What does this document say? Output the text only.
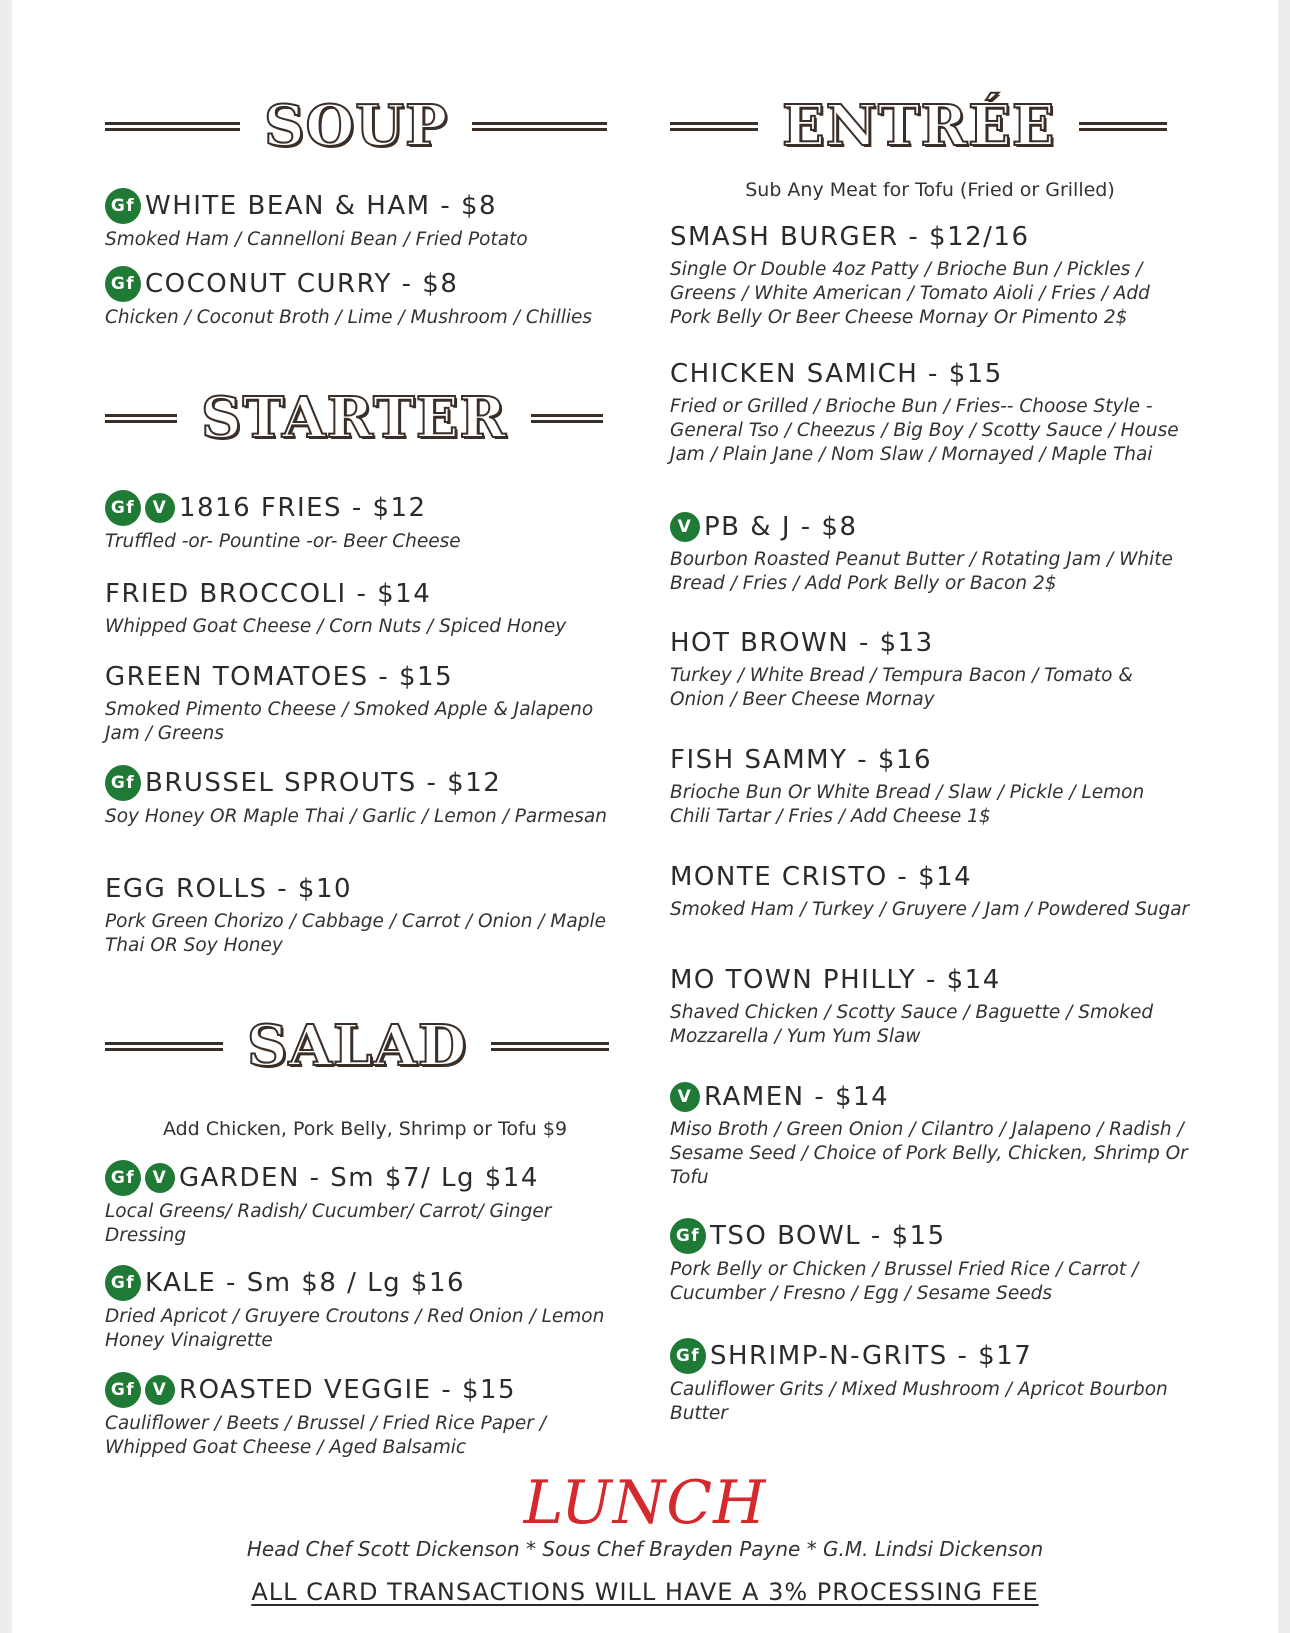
SOUP
Gf WHITE BEAN & HAM - $8
Smoked Ham / Cannelloni Bean / Fried Potato
Gf COCONUT CURRY - $8
Chicken / Coconut Broth / Lime / Mushroom / Chillies
STARTER
Gf	V 1816 FRIES - $12
Truffled -or- Pountine -or- Beer Cheese
FRIED BROCCOLI - $14
Whipped Goat Cheese / Corn Nuts / Spiced Honey
GREEN TOMATOES - $15
Smoked Pimento Cheese / Smoked Apple & Jalapeno Jam / Greens
Gf BRUSSEL SPROUTS - $12
Soy Honey OR Maple Thai / Garlic / Lemon / Parmesan
EGG ROLLS - $10
Pork Green Chorizo / Cabbage / Carrot / Onion / Maple Thai OR Soy Honey
SALAD
Add Chicken, Pork Belly, Shrimp or Tofu $9
Gf	V GARDEN - Sm $7/ Lg $14
Local Greens/ Radish/ Cucumber/ Carrot/ Ginger Dressing
Gf KALE - Sm $8 / Lg $16
Dried Apricot / Gruyere Croutons / Red Onion / Lemon Honey Vinaigrette
Gf	V ROASTED VEGGIE - $15
Cauliflower / Beets / Brussel / Fried Rice Paper / Whipped Goat Cheese / Aged Balsamic
ENTRÉE
Sub Any Meat for Tofu (Fried or Grilled)
SMASH BURGER - $12/16
Single Or Double 4oz Patty / Brioche Bun / Pickles / Greens / White American / Tomato Aioli / Fries / Add Pork Belly Or Beer Cheese Mornay Or Pimento 2$
CHICKEN SAMICH - $15
Fried or Grilled / Brioche Bun / Fries-- Choose Style - General Tso / Cheezus / Big Boy / Scotty Sauce / House Jam / Plain Jane / Nom Slaw / Mornayed / Maple Thai
V PB & J - $8
Bourbon Roasted Peanut Butter / Rotating Jam / White Bread / Fries / Add Pork Belly or Bacon 2$
HOT BROWN - $13
Turkey / White Bread / Tempura Bacon / Tomato & Onion / Beer Cheese Mornay
FISH SAMMY - $16
Brioche Bun Or White Bread / Slaw / Pickle / Lemon Chili Tartar / Fries / Add Cheese 1$
MONTE CRISTO - $14
Smoked Ham / Turkey / Gruyere / Jam / Powdered Sugar
MO TOWN PHILLY - $14
Shaved Chicken / Scotty Sauce / Baguette / Smoked Mozzarella / Yum Yum Slaw
V RAMEN - $14
Miso Broth / Green Onion / Cilantro / Jalapeno / Radish / Sesame Seed / Choice of Pork Belly, Chicken, Shrimp Or Tofu
Gf TSO BOWL - $15
Pork Belly or Chicken / Brussel Fried Rice / Carrot / Cucumber / Fresno / Egg / Sesame Seeds
Gf SHRIMP-N-GRITS - $17
Cauliflower Grits / Mixed Mushroom / Apricot Bourbon Butter
LUNCH
Head Chef Scott Dickenson * Sous Chef Brayden Payne * G.M. Lindsi Dickenson
ALL CARD TRANSACTIONS WILL HAVE A 3% PROCESSING FEE
